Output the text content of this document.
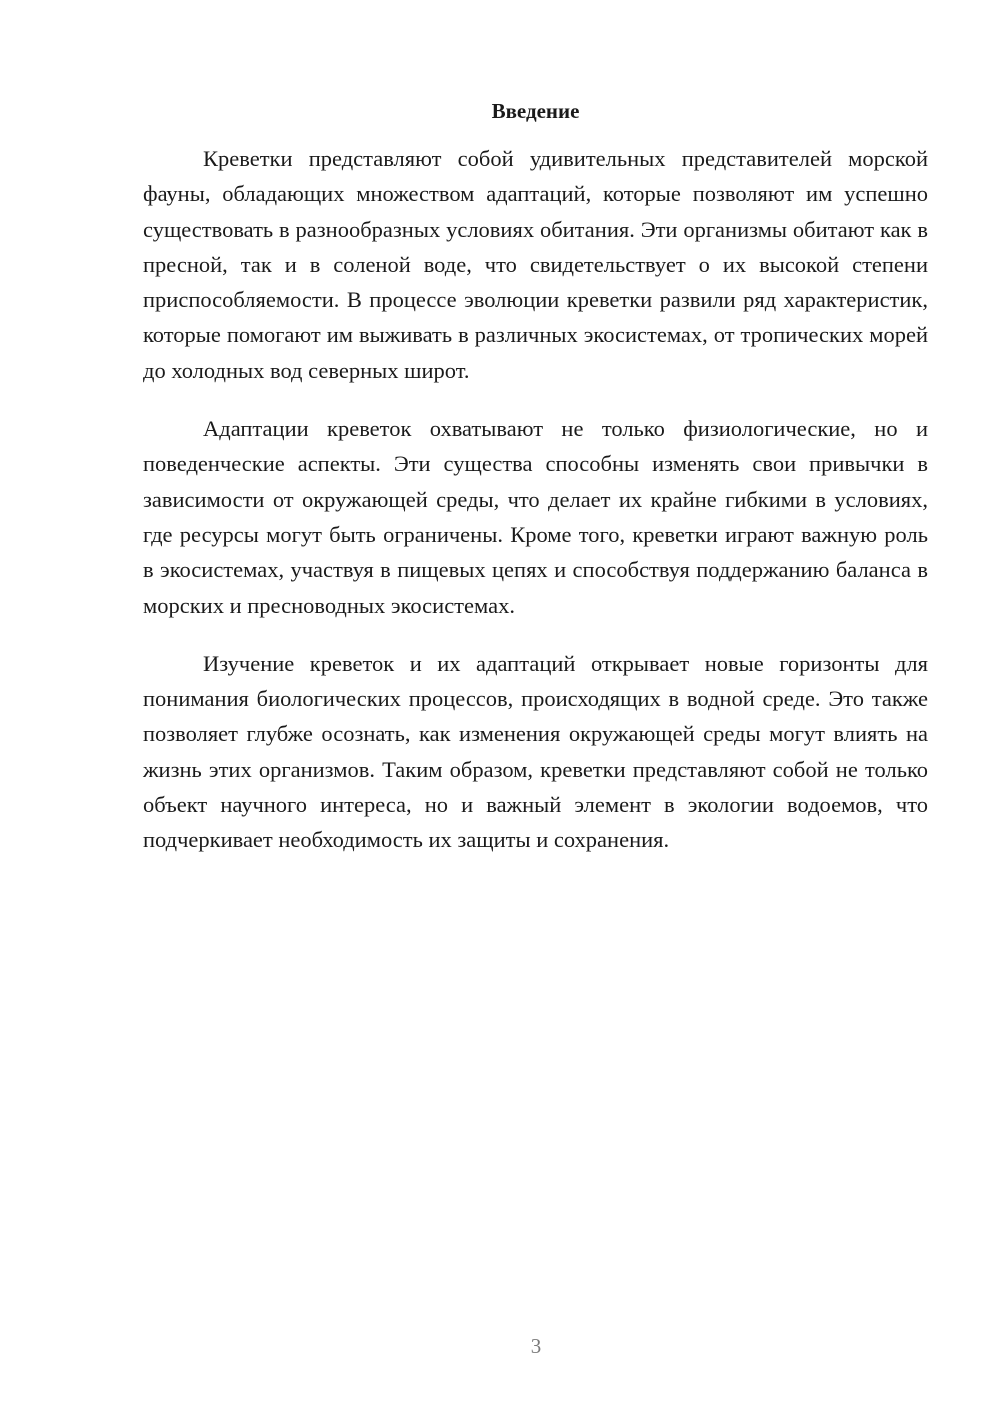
Введение

Креветки представляют собой удивительных представителей морской фауны, обладающих множеством адаптаций, которые позволяют им успешно существовать в разнообразных условиях обитания. Эти организмы обитают как в пресной, так и в соленой воде, что свидетельствует о их высокой степени приспособляемости. В процессе эволюции креветки развили ряд характеристик, которые помогают им выживать в различных экосистемах, от тропических морей до холодных вод северных широт.

Адаптации креветок охватывают не только физиологические, но и поведенческие аспекты. Эти существа способны изменять свои привычки в зависимости от окружающей среды, что делает их крайне гибкими в условиях, где ресурсы могут быть ограничены. Кроме того, креветки играют важную роль в экосистемах, участвуя в пищевых цепях и способствуя поддержанию баланса в морских и пресноводных экосистемах.

Изучение креветок и их адаптаций открывает новые горизонты для понимания биологических процессов, происходящих в водной среде. Это также позволяет глубже осознать, как изменения окружающей среды могут влиять на жизнь этих организмов. Таким образом, креветки представляют собой не только объект научного интереса, но и важный элемент в экологии водоемов, что подчеркивает необходимость их защиты и сохранения.

3
